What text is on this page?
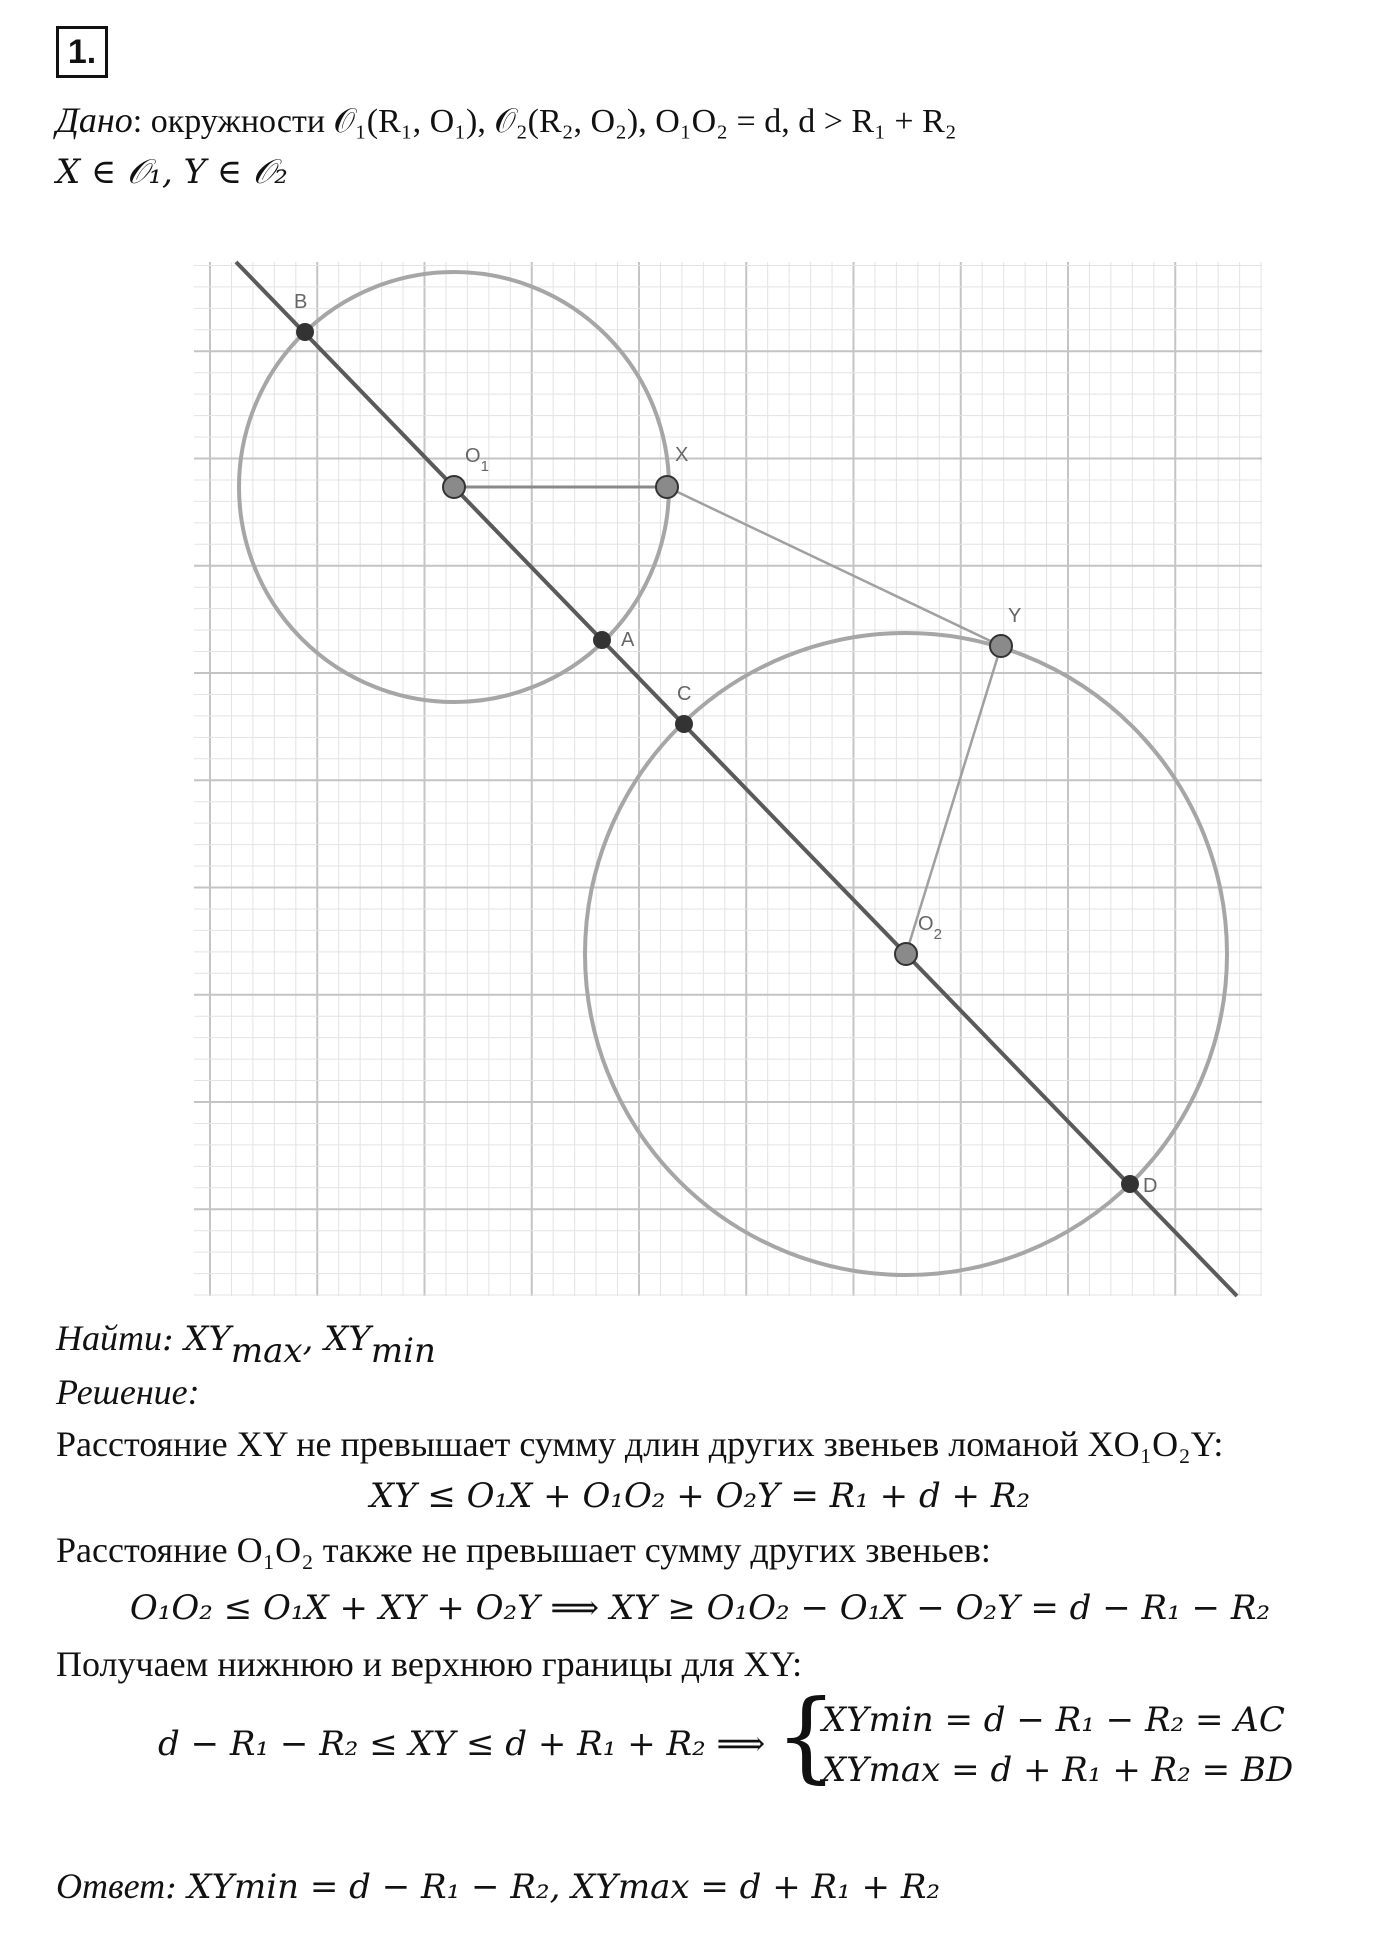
1.
Дано: окружности 𝒪₁(R₁, O₁), 𝒪₂(R₂, O₂), O₁O₂ = d, d > R₁ + R₂
X ∈ 𝒪₁, Y ∈ 𝒪₂
B
$O_1$
X
A
C
Y
$O_2$
D
Найти: $XY_{max}$, $XY_{min}$
Решение:
Расстояние XY не превышает сумму длин других звеньев ломаной XO₁O₂Y:
XY ≤ O₁X + O₁O₂ + O₂Y = R₁ + d + R₂
Расстояние O₁O₂ также не превышает сумму других звеньев:
O₁O₂ ≤ O₁X + XY + O₂Y ⟹ XY ≥ O₁O₂ − O₁X − O₂Y = d − R₁ − R₂
Получаем нижнюю и верхнюю границы для XY:
d − R₁ − R₂ ≤ XY ≤ d + R₁ + R₂ ⟹ {
XYmin = d − R₁ − R₂ = AC
XYmax = d + R₁ + R₂ = BD
Ответ: XYmin = d − R₁ − R₂, XYmax = d + R₁ + R₂
